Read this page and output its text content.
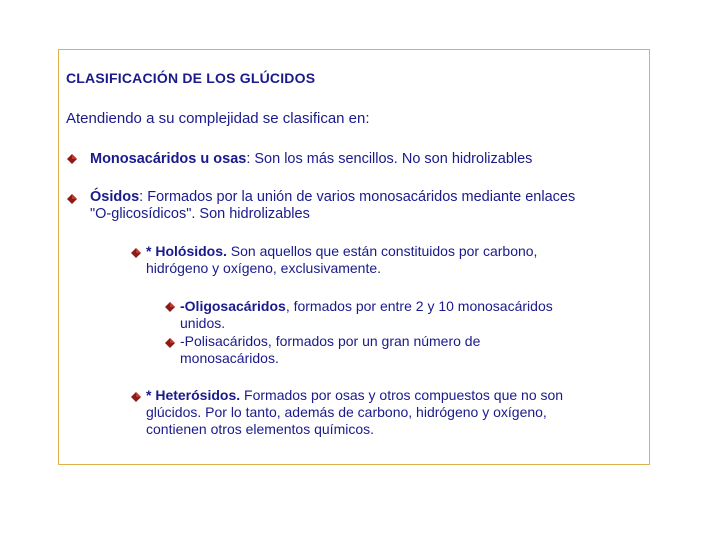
CLASIFICACIÓN DE LOS GLÚCIDOS
Atendiendo a su complejidad se clasifican en:
Monosacáridos u osas: Son los más sencillos. No son hidrolizables
Ósidos: Formados por la unión de varios monosacáridos mediante enlaces
"O-glicosídicos". Son hidrolizables
* Holósidos. Son aquellos que están constituidos por carbono,
hidrógeno y oxígeno, exclusivamente.
-Oligosacáridos, formados por entre 2 y 10 monosacáridos
unidos.
-Polisacáridos, formados por un gran número de
monosacáridos.
* Heterósidos. Formados por osas y otros compuestos que no son
glúcidos. Por lo tanto, además de carbono, hidrógeno y oxígeno,
contienen otros elementos químicos.
